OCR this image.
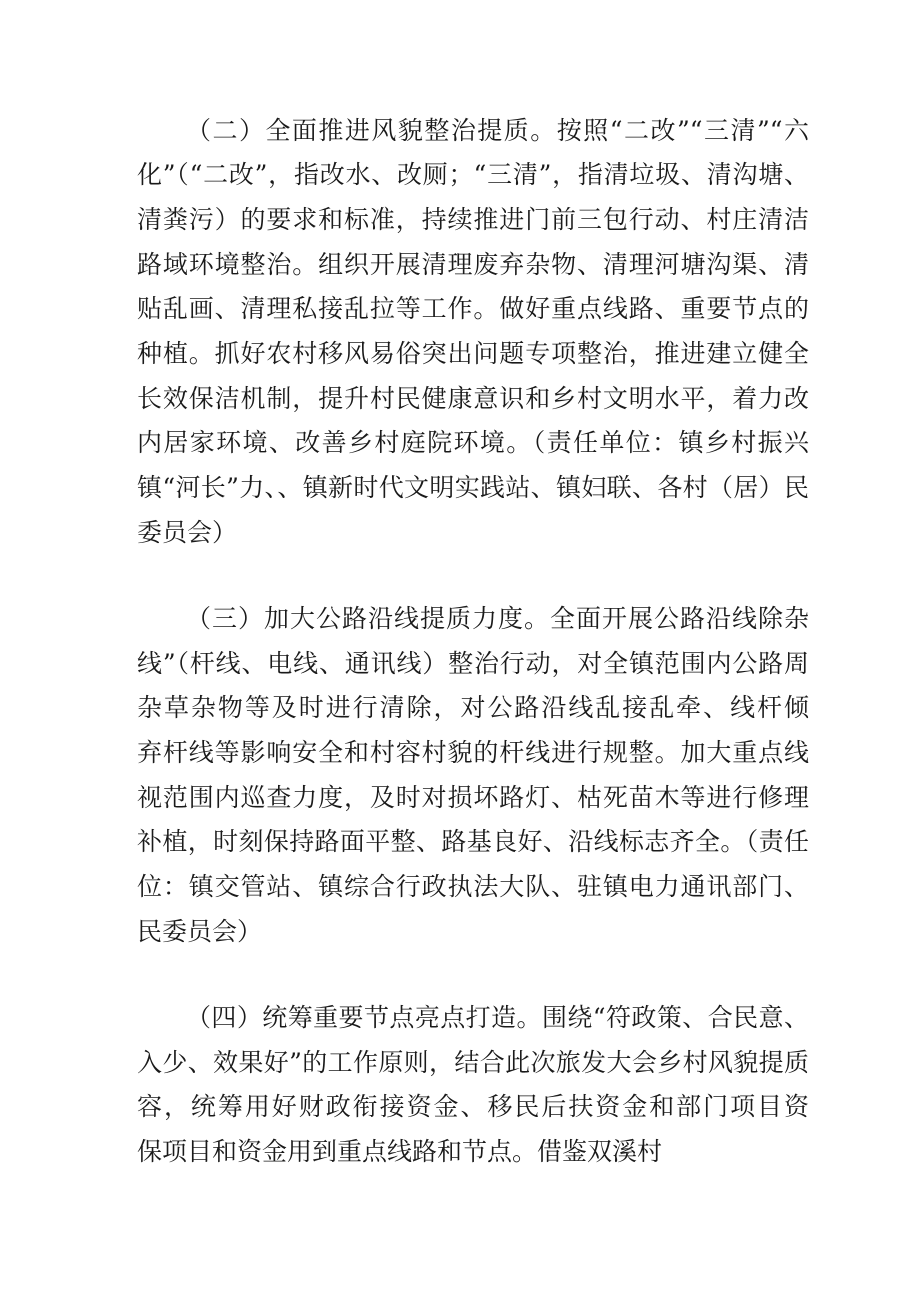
（二）全面推进风貌整治提质。按照“二改”“三清”“六
化”（“二改”，指改水、改厕；“三清”，指清垃圾、清沟塘、
清粪污）的要求和标准，持续推进门前三包行动、村庄清洁
路域环境整治。组织开展清理废弃杂物、清理河塘沟渠、清
贴乱画、清理私接乱拉等工作。做好重点线路、重要节点的
种植。抓好农村移风易俗突出问题专项整治，推进建立健全
长效保洁机制，提升村民健康意识和乡村文明水平，着力改
内居家环境、改善乡村庭院环境。（责任单位：镇乡村振兴
镇“河长”力、、镇新时代文明实践站、镇妇联、各村（居）民
委员会）
（三）加大公路沿线提质力度。全面开展公路沿线除杂
线”（杆线、电线、通讯线）整治行动，对全镇范围内公路周
杂草杂物等及时进行清除，对公路沿线乱接乱牵、线杆倾
弃杆线等影响安全和村容村貌的杆线进行规整。加大重点线
视范围内巡查力度，及时对损坏路灯、枯死苗木等进行修理
补植，时刻保持路面平整、路基良好、沿线标志齐全。（责任
位：镇交管站、镇综合行政执法大队、驻镇电力通讯部门、
民委员会）
（四）统筹重要节点亮点打造。围绕“符政策、合民意、
入少、效果好”的工作原则，结合此次旅发大会乡村风貌提质
容，统筹用好财政衔接资金、移民后扶资金和部门项目资
保项目和资金用到重点线路和节点。借鉴双溪村
